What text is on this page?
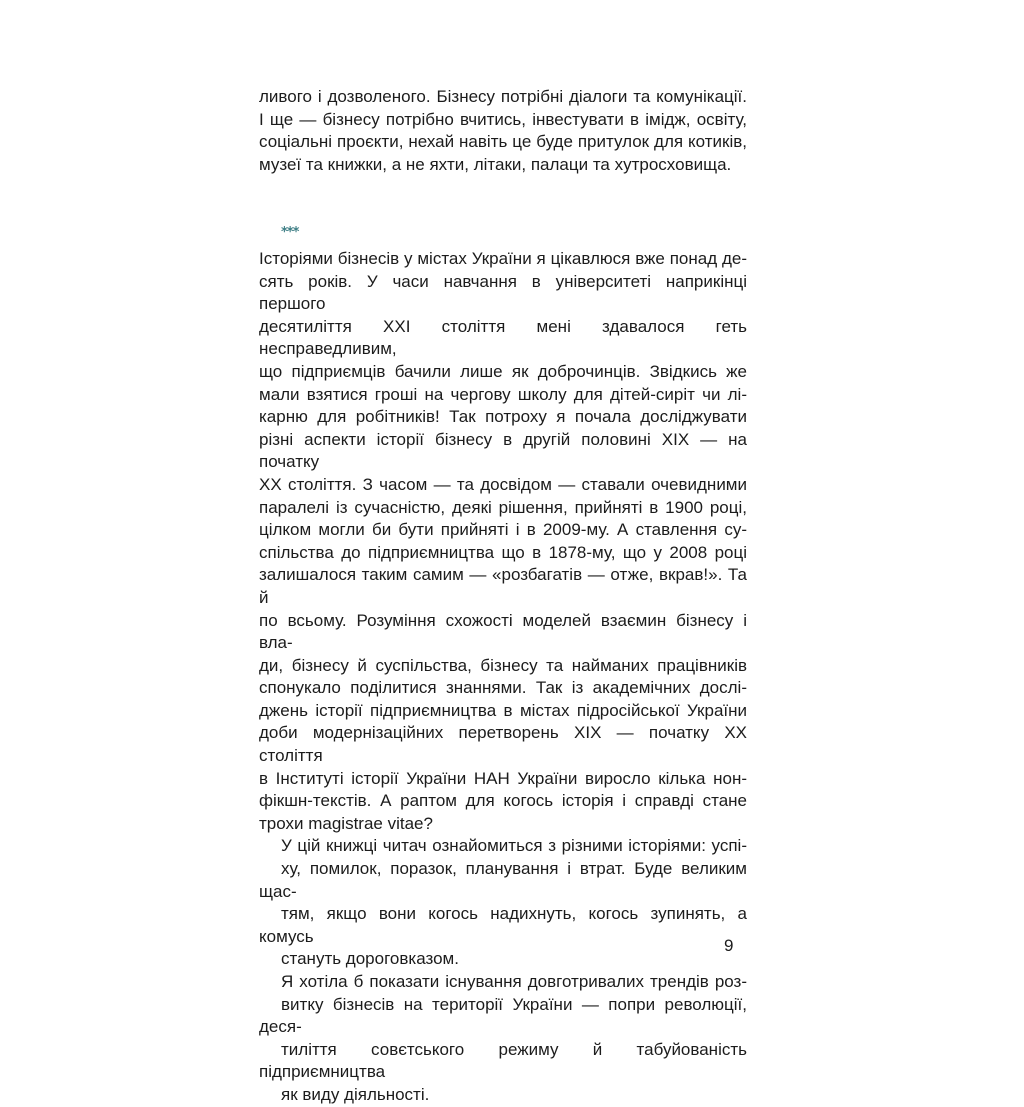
ливого і дозволеного. Бізнесу потрібні діалоги та комунікації.
І ще — бізнесу потрібно вчитись, інвестувати в імідж, освіту,
соціальні проєкти, нехай навіть це буде притулок для котиків,
музеї та книжки, а не яхти, літаки, палаци та хутросховища.

***

Історіями бізнесів у містах України я цікавлюся вже понад де-
сять років. У часи навчання в університеті наприкінці першого
десятиліття ХХІ століття мені здавалося геть несправедливим,
що підприємців бачили лише як доброчинців. Звідкись же
мали взятися гроші на чергову школу для дітей-сиріт чи лі-
карню для робітників! Так потроху я почала досліджувати
різні аспекти історії бізнесу в другій половині ХІХ — на початку
ХХ століття. З часом — та досвідом — ставали очевидними
паралелі із сучасністю, деякі рішення, прийняті в 1900 році,
цілком могли би бути прийняті і в 2009-му. А ставлення су-
спільства до підприємництва що в 1878-му, що у 2008 році
залишалося таким самим — «розбагатів — отже, вкрав!». Та й
по всьому. Розуміння схожості моделей взаємин бізнесу і вла-
ди, бізнесу й суспільства, бізнесу та найманих працівників
спонукало поділитися знаннями. Так із академічних дослі-
джень історії підприємництва в містах підросійської України
доби модернізаційних перетворень ХІХ — початку ХХ століття
в Інституті історії України НАН України виросло кілька нон-
фікшн-текстів. А раптом для когось історія і справді стане
трохи magistrae vitae?

У цій книжці читач ознайомиться з різними історіями: успі-
ху, помилок, поразок, планування і втрат. Буде великим щас-
тям, якщо вони когось надихнуть, когось зупинять, а комусь
стануть дороговказом.

Я хотіла б показати існування довготривалих трендів роз-
витку бізнесів на території України — попри революції, деся-
тиліття совєтського режиму й табуйованість підприємництва
як виду діяльності.

9
